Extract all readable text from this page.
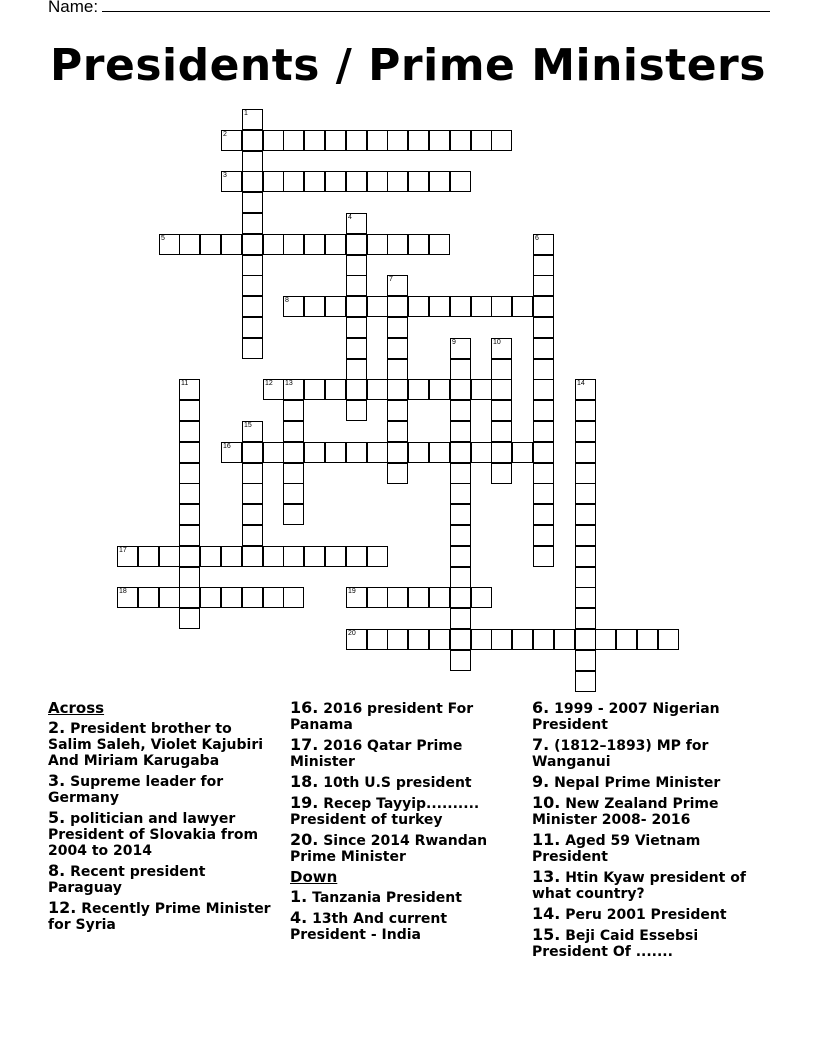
Name:
Presidents / Prime Ministers
1
2
3
4
5	6
7
8
9	10
11	12 13	14
15
16
17
18	19
20
Across
2. President brother to Salim Saleh, Violet Kajubiri And Miriam Karugaba
3. Supreme leader for Germany
5. politician and lawyer President of Slovakia from 2004 to 2014
8. Recent president Paraguay
12. Recently Prime Minister for Syria
16. 2016 president For Panama
17. 2016 Qatar Prime Minister
18. 10th U.S president
19. Recep Tayyip.......... President of turkey
20. Since 2014 Rwandan Prime Minister
Down
1. Tanzania President
4. 13th And current President - India
6. 1999 - 2007 Nigerian President
7. (1812–1893) MP for Wanganui
9. Nepal Prime Minister
10. New Zealand Prime Minister 2008- 2016
11. Aged 59 Vietnam President
13. Htin Kyaw president of what country?
14. Peru 2001 President
15. Beji Caid Essebsi President Of .......
